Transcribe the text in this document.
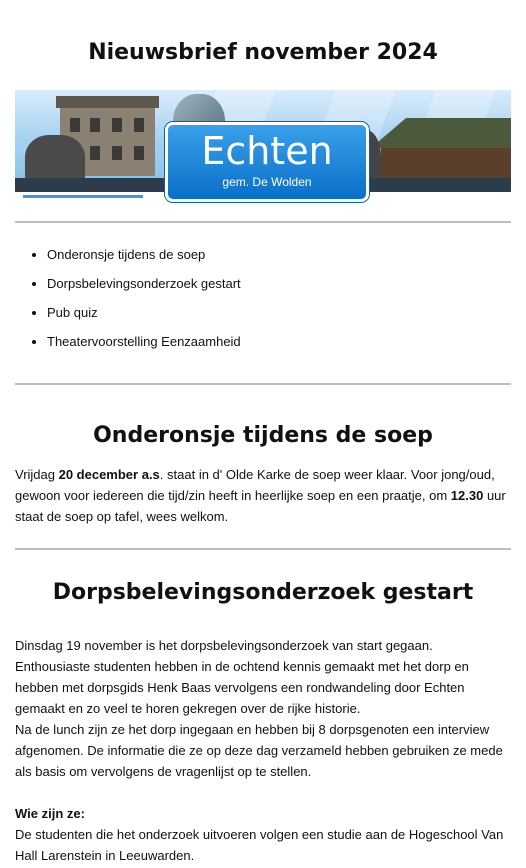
Nieuwsbrief november 2024
Echten
gem. De Wolden
• Onderonsje tijdens de soep
• Dorpsbelevingsonderzoek gestart
• Pub quiz
• Theatervoorstelling Eenzaamheid
Onderonsje tijdens de soep

Vrijdag 20 december a.s. staat in d' Olde Karke de soep weer klaar. Voor jong/oud, gewoon voor iedereen die tijd/zin heeft in heerlijke soep en een praatje, om 12.30 uur staat de soep op tafel, wees welkom.

Dorpsbelevingsonderzoek gestart

Dinsdag 19 november is het dorpsbelevingsonderzoek van start gegaan. Enthousiaste studenten hebben in de ochtend kennis gemaakt met het dorp en hebben met dorpsgids Henk Baas vervolgens een rondwandeling door Echten gemaakt en zo veel te horen gekregen over de rijke historie.

Na de lunch zijn ze het dorp ingegaan en hebben bij 8 dorpsgenoten een interview afgenomen. De informatie die ze op deze dag verzameld hebben gebruiken ze mede als basis om vervolgens de vragenlijst op te stellen.

Wie zijn ze:

De studenten die het onderzoek uitvoeren volgen een studie aan de Hogeschool Van Hall Larenstein in Leeuwarden.
